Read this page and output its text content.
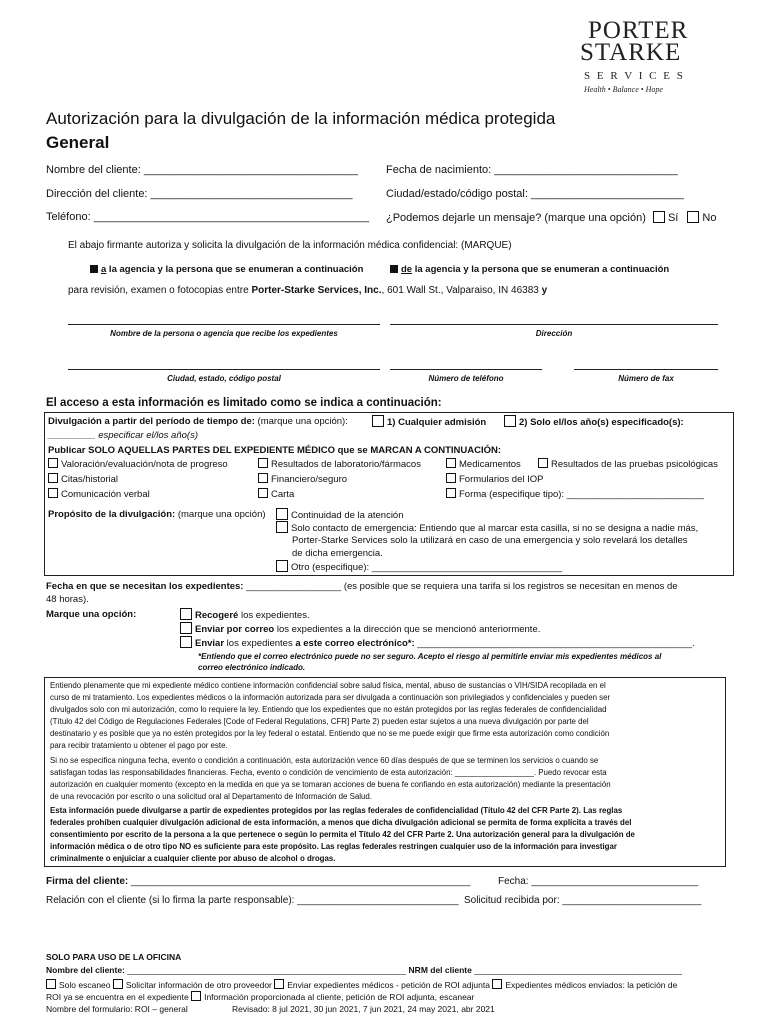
PORTER
STARKE
S E R V I C E S
Health • Balance • Hope
Autorización para la divulgación de la información médica protegida
General
Nombre del cliente: ___________________________________	Fecha de nacimiento: ______________________________
Dirección del cliente: _________________________________	Ciudad/estado/código postal: _________________________
Teléfono: _____________________________________________ ¿Podemos dejarle un mensaje? (marque una opción) Sí No
El abajo firmante autoriza y solicita la divulgación de la información médica confidencial: (MARQUE)
a la agencia y la persona que se enumeran a continuación	de la agencia y la persona que se enumeran a continuación
para revisión, examen o fotocopias entre Porter-Starke Services, Inc., 601 Wall St., Valparaiso, IN 46383 y
Nombre de la persona o agencia que recibe los expedientes	Dirección
Ciudad, estado, código postal	Número de teléfono	Número de fax
El acceso a esta información es limitado como se indica a continuación:
Divulgación a partir del período de tiempo de: (marque una opción):	1) Cualquier admisión	2) Solo el/los año(s) especificado(s):
_________ especificar el/los año(s)
Publicar SOLO AQUELLAS PARTES DEL EXPEDIENTE MÉDICO que se MARCAN A CONTINUACIÓN:
Valoración/evaluación/nota de progreso	Resultados de laboratorio/fármacos	Medicamentos	Resultados de las pruebas psicológicas
Citas/historial	Financiero/seguro	Formularios del IOP
Comunicación verbal	Carta	Forma (especifique tipo): __________________________
Propósito de la divulgación: (marque una opción)	Continuidad de la atención
Solo contacto de emergencia: Entiendo que al marcar esta casilla, si no se designa a nadie más,
Porter-Starke Services solo la utilizará en caso de una emergencia y solo revelará los detalles
de dicha emergencia.
Otro (especifique): ____________________________________
Fecha en que se necesitan los expedientes: __________________ (es posible que se requiera una tarifa si los registros se necesitan en menos de
48 horas).
Marque una opción:	Recogeré los expedientes.
Enviar por correo los expedientes a la dirección que se mencionó anteriormente.
Enviar los expedientes a este correo electrónico*: ____________________________________________________.
*Entiendo que el correo electrónico puede no ser seguro. Acepto el riesgo al permitirle enviar mis expedientes médicos al
correo electrónico indicado.
Entiendo plenamente que mi expediente médico contiene información confidencial sobre salud física, mental, abuso de sustancias o VIH/SIDA recopilada en el
curso de mi tratamiento. Los expedientes médicos o la información autorizada para ser divulgada a continuación son privilegiados y confidenciales y pueden ser
divulgados solo con mi autorización, como lo requiere la ley. Entiendo que los expedientes que no están protegidos por las reglas federales de confidencialidad
(Título 42 del Código de Regulaciones Federales [Code of Federal Regulations, CFR] Parte 2) pueden estar sujetos a una nueva divulgación por parte del
destinatario y es posible que ya no estén protegidos por la ley federal o estatal. Entiendo que no se me puede exigir que firme esta autorización como condición
para recibir tratamiento u obtener el pago por este.
Si no se especifica ninguna fecha, evento o condición a continuación, esta autorización vence 60 días después de que se terminen los servicios o cuando se
satisfagan todas las responsabilidades financieras. Fecha, evento o condición de vencimiento de esta autorización: __________________. Puedo revocar esta
autorización en cualquier momento (excepto en la medida en que ya se tomaran acciones de buena fe confiando en esta autorización) mediante la presentación
de una revocación por escrito o una solicitud oral al Departamento de Información de Salud.
Esta información puede divulgarse a partir de expedientes protegidos por las reglas federales de confidencialidad (Título 42 del CFR Parte 2). Las reglas
federales prohíben cualquier divulgación adicional de esta información, a menos que dicha divulgación adicional se permita de forma explícita a través del
consentimiento por escrito de la persona a la que pertenece o según lo permita el Título 42 del CFR Parte 2. Una autorización general para la divulgación de
información médica o de otro tipo NO es suficiente para este propósito. Las reglas federales restringen cualquier uso de la información para investigar
criminalmente o enjuiciar a cualquier cliente por abuso de alcohol o drogas.
Firma del cliente: _____________________________________________________________	Fecha: ______________________________
Relación con el cliente (si lo firma la parte responsable): _____________________________ Solicitud recibida por: _________________________
SOLO PARA USO DE LA OFICINA
Nombre del cliente: ___________________________________________________________ NRM del cliente ____________________________________________
Solo escaneo Solicitar información de otro proveedor Enviar expedientes médicos - petición de ROI adjunta Expedientes médicos enviados: la petición de
ROI ya se encuentra en el expediente Información proporcionada al cliente, petición de ROI adjunta, escanear
Nombre del formulario: ROI – general	Revisado: 8 jul 2021, 30 jun 2021, 7 jun 2021, 24 may 2021, abr 2021
